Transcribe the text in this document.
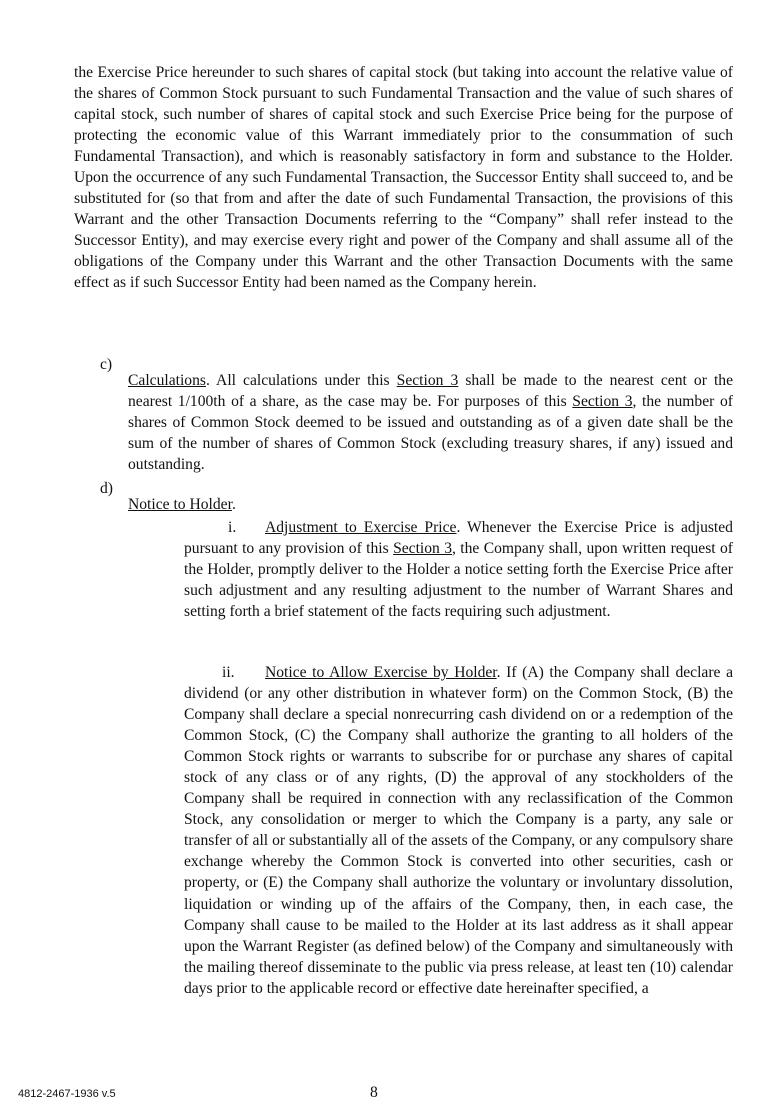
the Exercise Price hereunder to such shares of capital stock (but taking into account the relative value of the shares of Common Stock pursuant to such Fundamental Transaction and the value of such shares of capital stock, such number of shares of capital stock and such Exercise Price being for the purpose of protecting the economic value of this Warrant immediately prior to the consummation of such Fundamental Transaction), and which is reasonably satisfactory in form and substance to the Holder. Upon the occurrence of any such Fundamental Transaction, the Successor Entity shall succeed to, and be substituted for (so that from and after the date of such Fundamental Transaction, the provisions of this Warrant and the other Transaction Documents referring to the “Company” shall refer instead to the Successor Entity), and may exercise every right and power of the Company and shall assume all of the obligations of the Company under this Warrant and the other Transaction Documents with the same effect as if such Successor Entity had been named as the Company herein.

c)

Calculations. All calculations under this Section 3 shall be made to the nearest cent or the nearest 1/100th of a share, as the case may be. For purposes of this Section 3, the number of shares of Common Stock deemed to be issued and outstanding as of a given date shall be the sum of the number of shares of Common Stock (excluding treasury shares, if any) issued and outstanding.

d)

Notice to Holder.

i. Adjustment to Exercise Price. Whenever the Exercise Price is adjusted pursuant to any provision of this Section 3, the Company shall, upon written request of the Holder, promptly deliver to the Holder a notice setting forth the Exercise Price after such adjustment and any resulting adjustment to the number of Warrant Shares and setting forth a brief statement of the facts requiring such adjustment.

ii. Notice to Allow Exercise by Holder. If (A) the Company shall declare a dividend (or any other distribution in whatever form) on the Common Stock, (B) the Company shall declare a special nonrecurring cash dividend on or a redemption of the Common Stock, (C) the Company shall authorize the granting to all holders of the Common Stock rights or warrants to subscribe for or purchase any shares of capital stock of any class or of any rights, (D) the approval of any stockholders of the Company shall be required in connection with any reclassification of the Common Stock, any consolidation or merger to which the Company is a party, any sale or transfer of all or substantially all of the assets of the Company, or any compulsory share exchange whereby the Common Stock is converted into other securities, cash or property, or (E) the Company shall authorize the voluntary or involuntary dissolution, liquidation or winding up of the affairs of the Company, then, in each case, the Company shall cause to be mailed to the Holder at its last address as it shall appear upon the Warrant Register (as defined below) of the Company and simultaneously with the mailing thereof disseminate to the public via press release, at least ten (10) calendar days prior to the applicable record or effective date hereinafter specified, a

4812-2467-1936 v.5	8
